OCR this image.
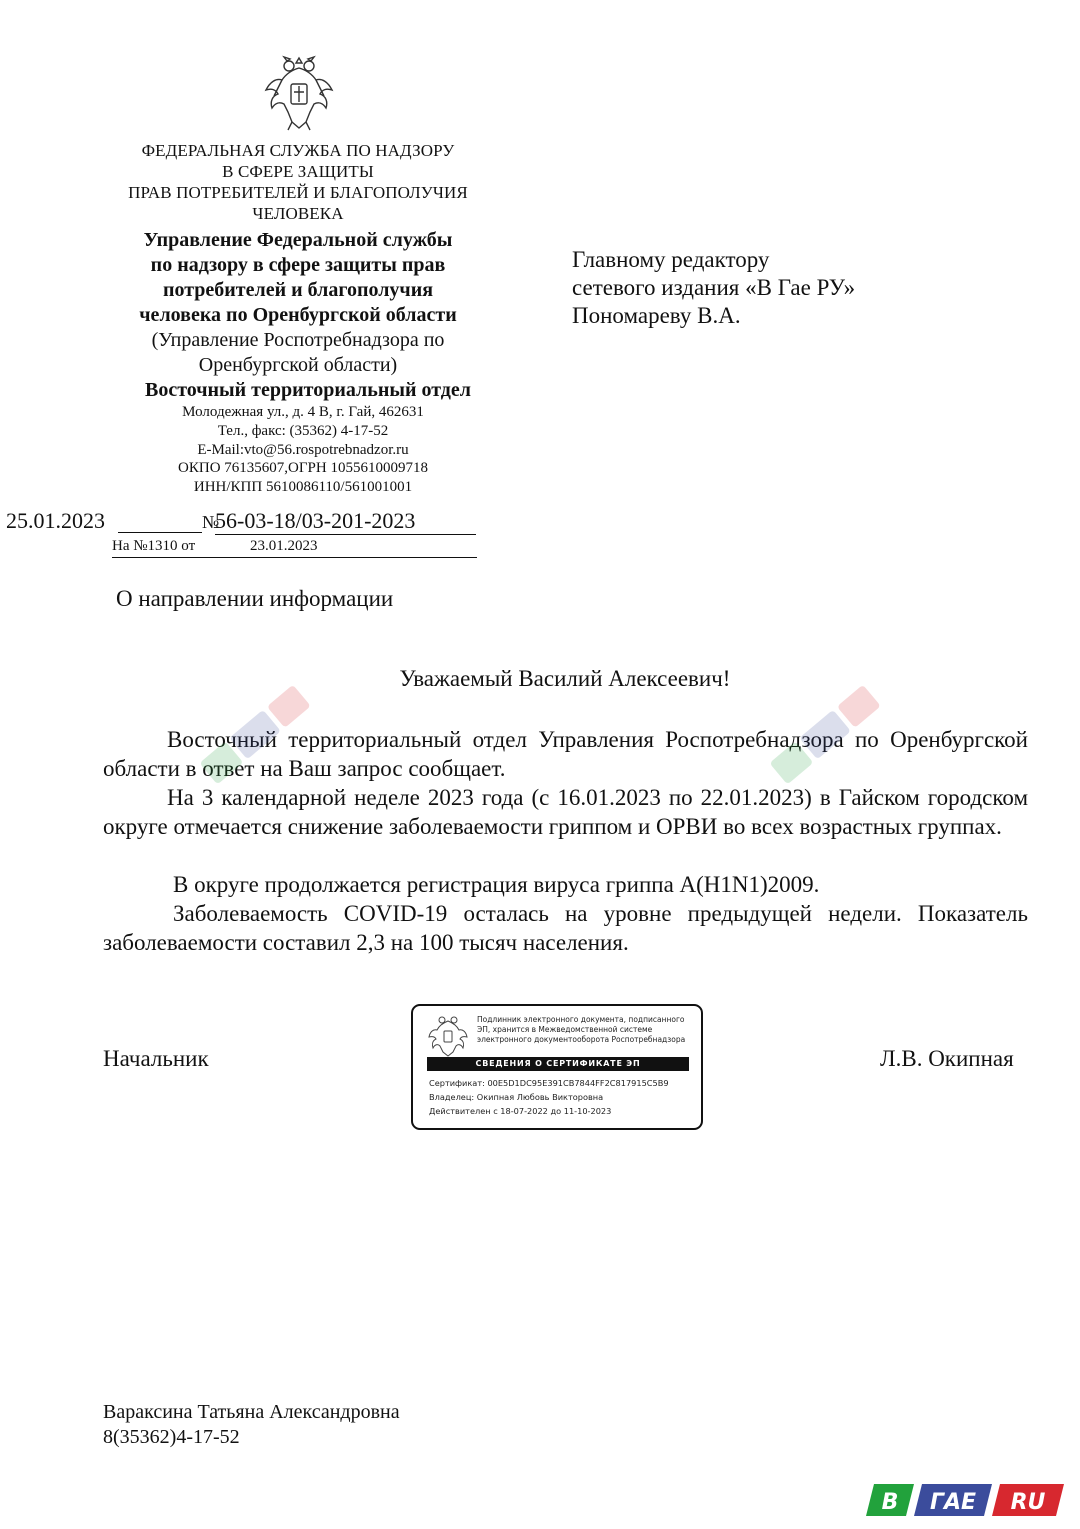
ФЕДЕРАЛЬНАЯ СЛУЖБА ПО НАДЗОРУ
В СФЕРЕ ЗАЩИТЫ
ПРАВ ПОТРЕБИТЕЛЕЙ И БЛАГОПОЛУЧИЯ
ЧЕЛОВЕКА
Управление Федеральной службы
по надзору в сфере защиты прав
потребителей и благополучия
человека по Оренбургской области
(Управление Роспотребнадзора по
Оренбургской области)
Восточный территориальный отдел
Молодежная ул., д. 4 В, г. Гай, 462631
Тел., факс: (35362) 4-17-52
E-Mail:vto@56.rospotrebnadzor.ru
ОКПО 76135607,ОГРН 1055610009718
ИНН/КПП 5610086110/561001001
Главному редактору
сетевого издания «В Гае РУ»
Пономареву В.А.
25.01.2023	№
56-03-18/03-201-2023
На №1310 от	23.01.2023
О направлении информации
Уважаемый Василий Алексеевич!
Восточный территориальный отдел Управления Роспотребнадзора по Оренбургской области в ответ на Ваш запрос сообщает.
На 3 календарной неделе 2023 года (с 16.01.2023 по 22.01.2023) в Гайском городском округе отмечается снижение заболеваемости гриппом и ОРВИ во всех возрастных группах.
В округе продолжается регистрация вируса гриппа А(H1N1)2009.
Заболеваемость COVID-19 осталась на уровне предыдущей недели. Показатель заболеваемости составил 2,3 на 100 тысяч населения.
Начальник	Л.В. Окипная
Подлинник электронного документа, подписанного ЭП, хранится в Межведомственной системе электронного документооборота Роспотребнадзора
СВЕДЕНИЯ О СЕРТИФИКАТЕ ЭП
Сертификат: 00E5D1DC95E391CB7844FF2C817915C5B9
Владелец: Окипная Любовь Викторовна
Действителен с 18-07-2022 до 11-10-2023
Вараксина Татьяна Александровна
8(35362)4-17-52
В ГАЕ RU
